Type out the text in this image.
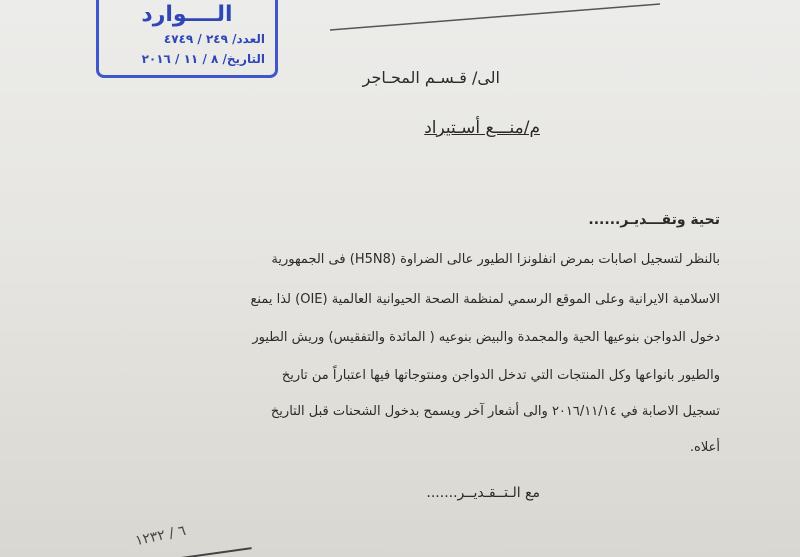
الــــوارد
العدد/ ٢٤٩ / ٤٧٤٩
التاريخ/ ٨ / ١١ / ٢٠١٦
الى/ قـسـم المحـاجر
م/منـــع أسـتيراد
تحية وتقـــديـر......
بالنظر لتسجيل اصابات بمرض انفلونزا الطيور عالى الضراوة (H5N8) فى الجمهورية
الاسلامية الايرانية وعلى الموقع الرسمي لمنظمة الصحة الحيوانية العالمية (OIE) لذا يمنع
دخول الدواجن بنوعيها الحية والمجمدة والبيض بنوعيه ( المائدة والتفقيس) وريش الطيور
والطيور بانواعها وكل المنتجات التي تدخل الدواجن ومنتوجاتها فيها اعتباراً من تاريخ
تسجيل الاصابة في ٢٠١٦/١١/١٤ والى أشعار آخر ويسمح بدخول الشحنات قبل التاريخ
أعلاه.
مع الـتــقـديــر.......
٦ / ١٢٣٢
